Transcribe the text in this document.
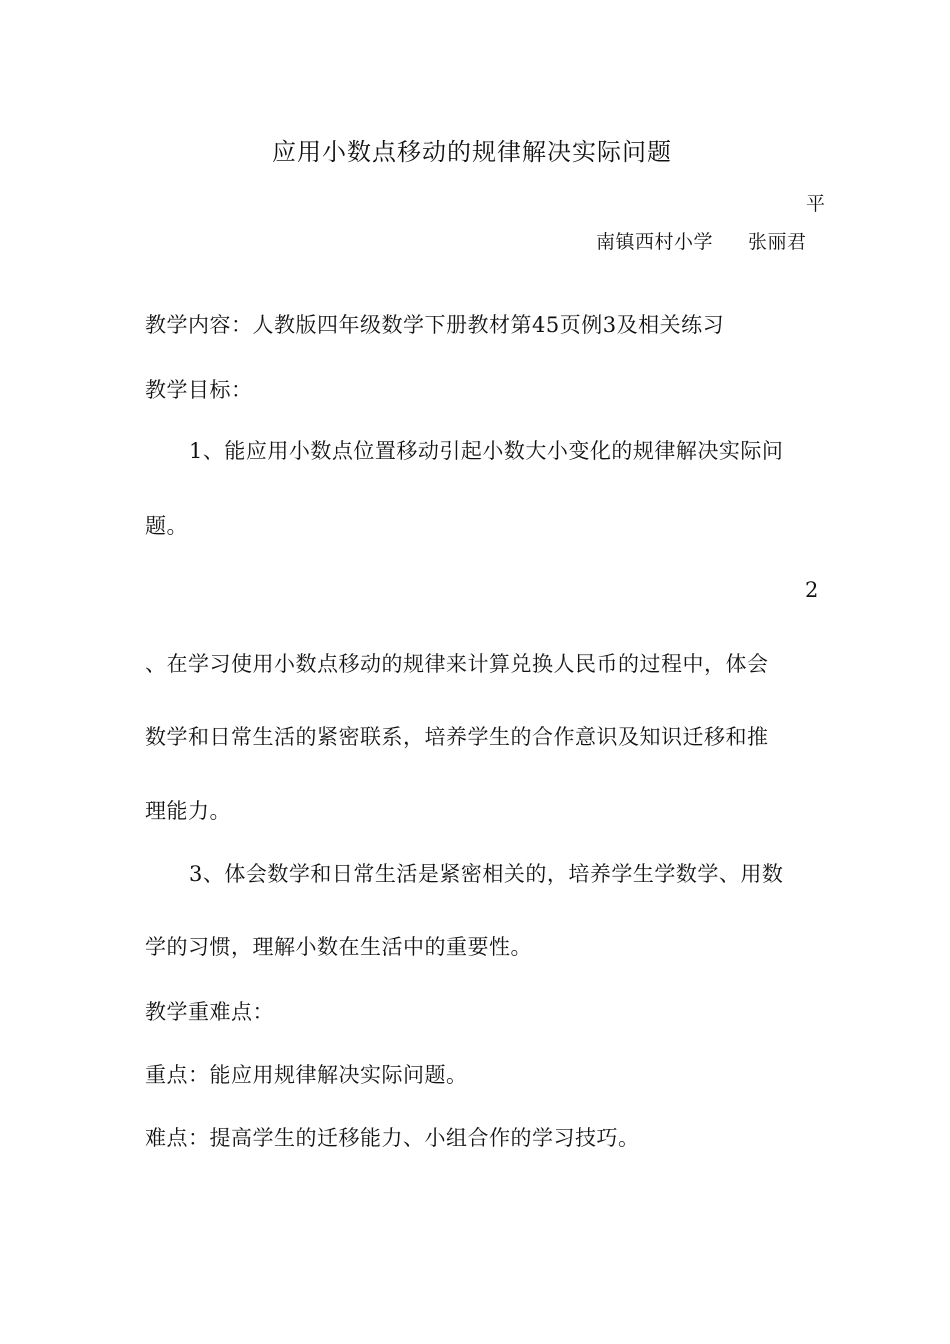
应用小数点移动的规律解决实际问题
平
南镇西村小学 张丽君
教学内容：人教版四年级数学下册教材第45页例3及相关练习
教学目标：
1、能应用小数点位置移动引起小数大小变化的规律解决实际问
题。
2
、在学习使用小数点移动的规律来计算兑换人民币的过程中，体会
数学和日常生活的紧密联系，培养学生的合作意识及知识迁移和推
理能力。
3、体会数学和日常生活是紧密相关的，培养学生学数学、用数
学的习惯，理解小数在生活中的重要性。
教学重难点：
重点：能应用规律解决实际问题。
难点：提高学生的迁移能力、小组合作的学习技巧。
